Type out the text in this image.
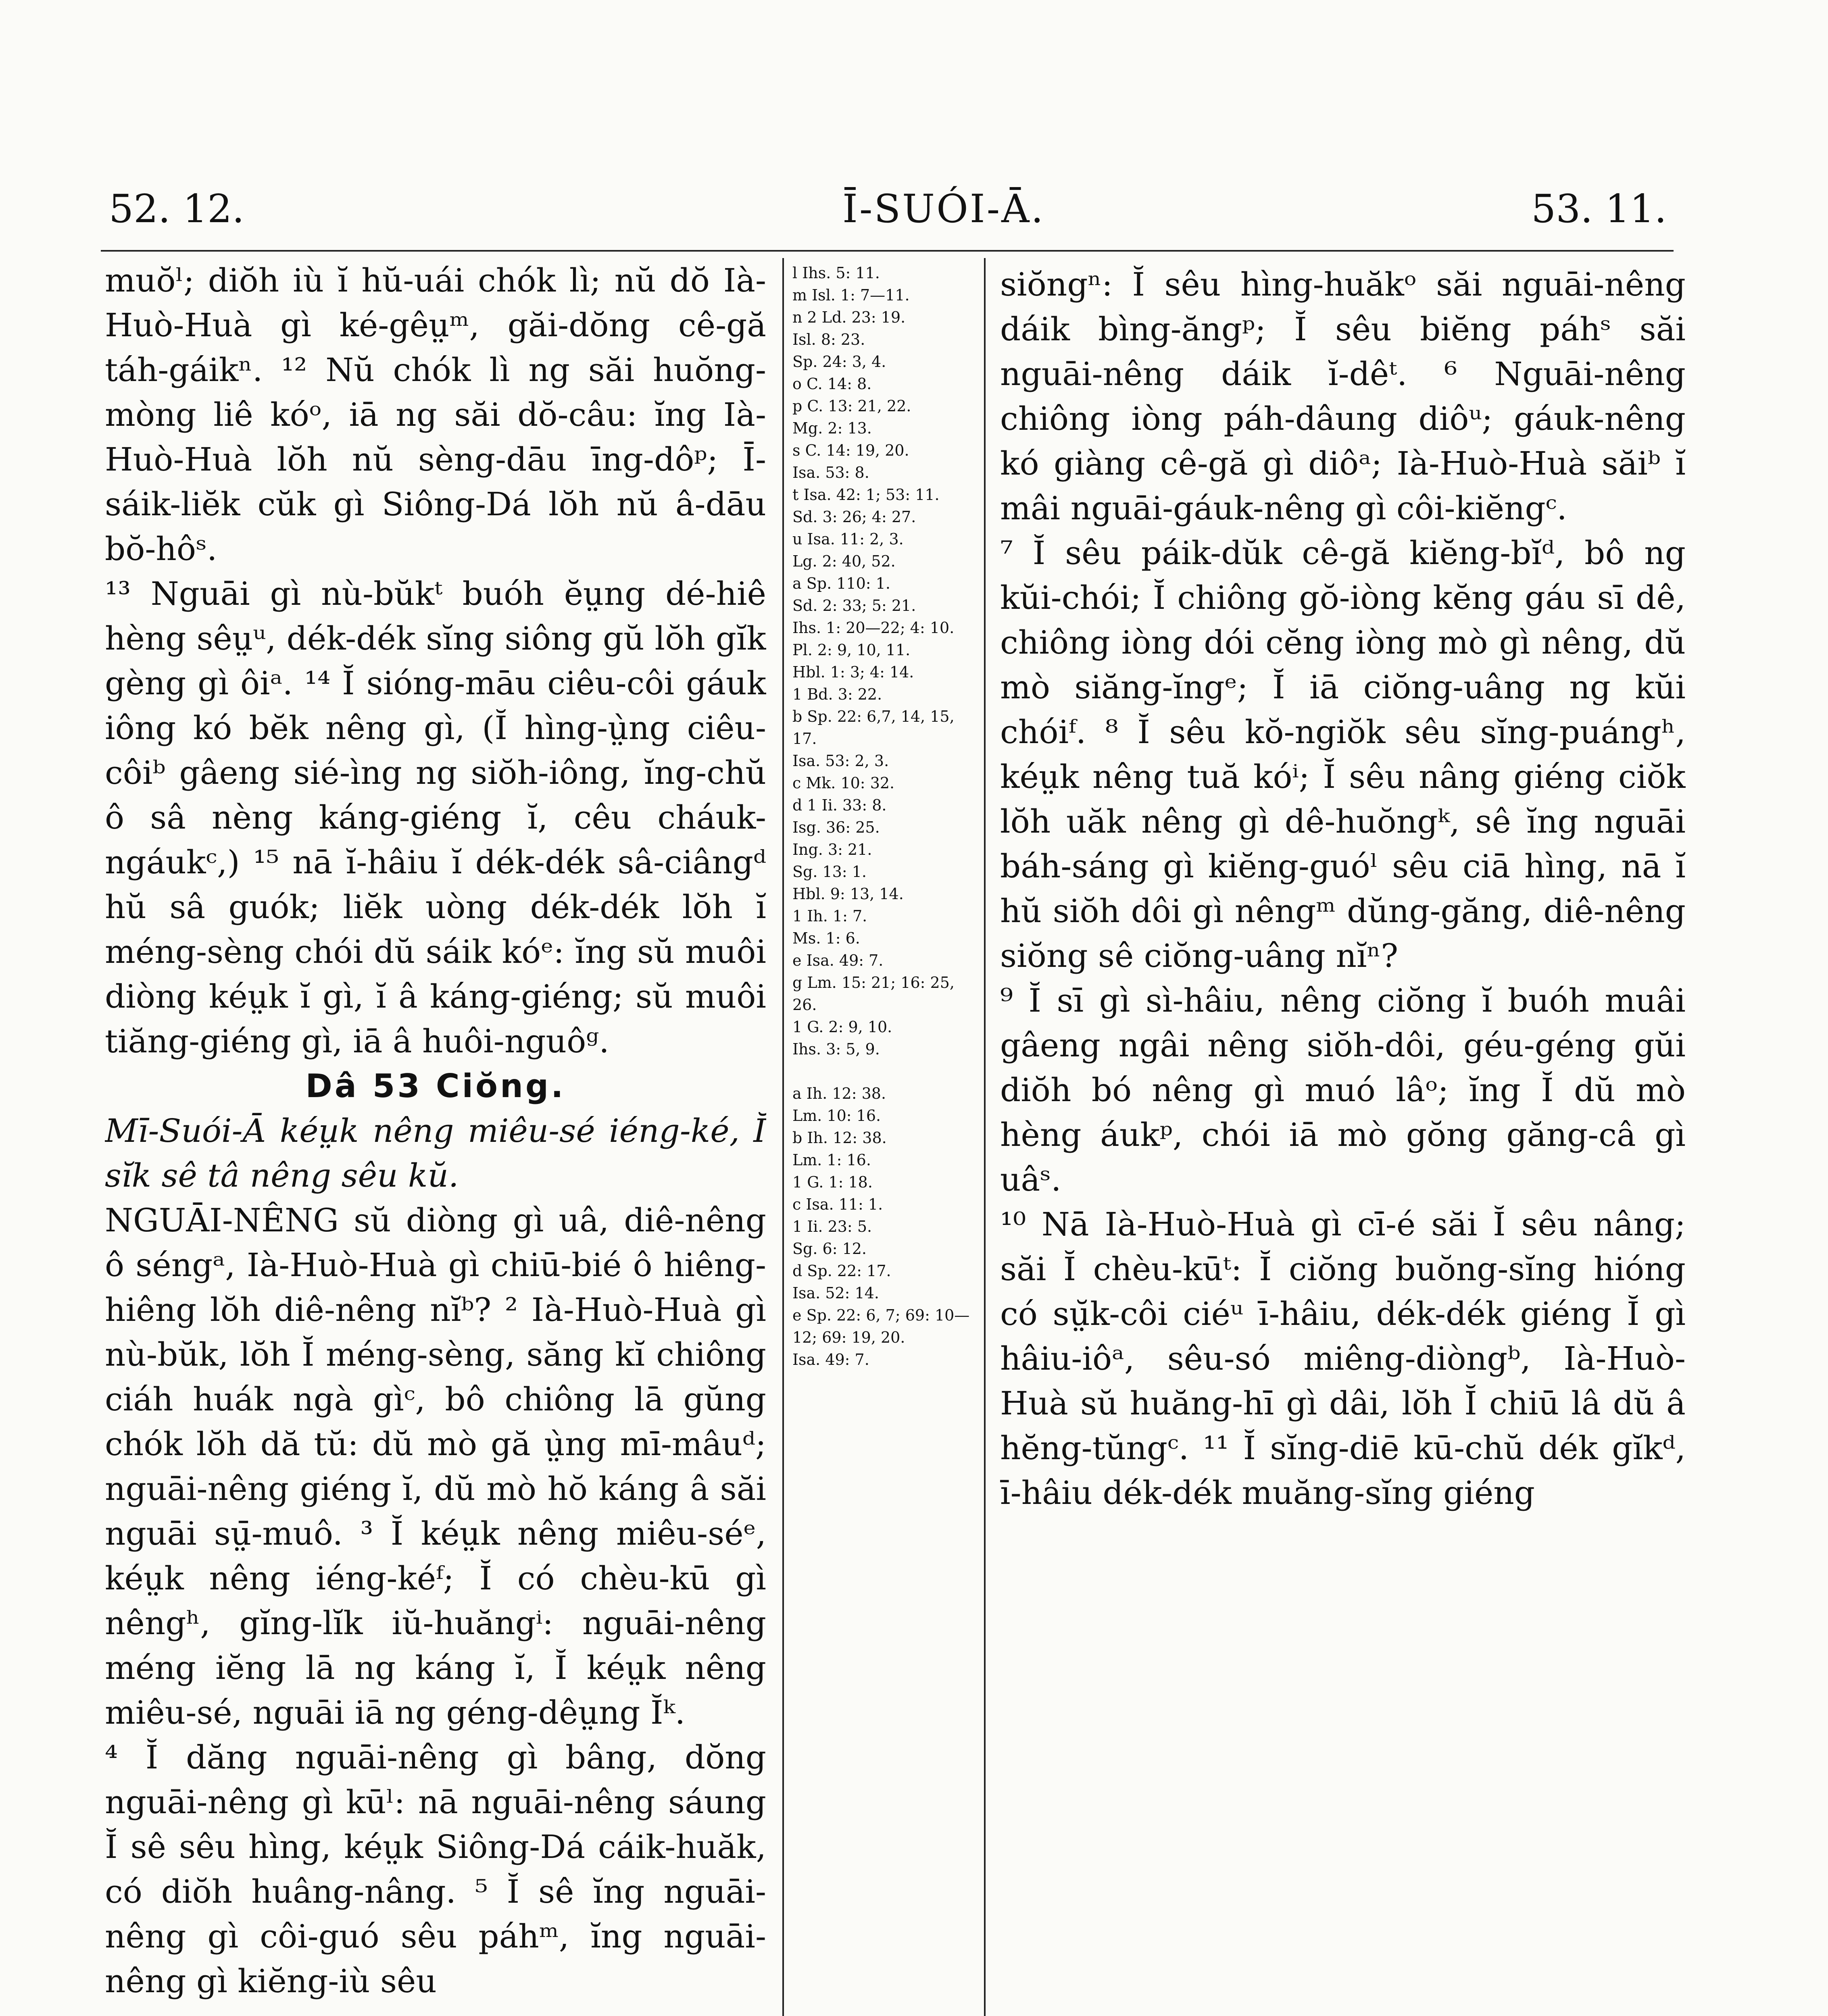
52. 12.	Ī-SUÓI-Ā.	53. 11.

muŏˡ; diŏh iù ĭ hŭ-uái chók lì; nŭ dŏ Ià-Huò-Huà gì ké-gêṳᵐ, găi-dŏng cê-gă táh-gáikⁿ. ¹² Nŭ chók lì ng săi huŏng-mòng liê kóᵒ, iā ng săi dŏ-câu: ĭng Ià-Huò-Huà lŏh nŭ sèng-dāu īng-dôᵖ; Ī-sáik-liĕk cŭk gì Siông-Dá lŏh nŭ â-dāu bŏ-hôˢ.

¹³ Nguāi gì nù-bŭkᵗ buóh ĕṳng dé-hiê hèng sêṳᵘ, dék-dék sĭng siông gŭ lŏh gĭk gèng gì ôiᵃ. ¹⁴ Ĭ sióng-māu ciêu-côi gáuk iông kó bĕk nêng gì, (Ĭ hìng-ṳ̀ng ciêu-côiᵇ gâeng sié-ìng ng siŏh-iông, ĭng-chŭ ô sâ nèng káng-giéng ĭ, cêu cháuk-ngáukᶜ,) ¹⁵ nā ĭ-hâiu ĭ dék-dék sâ-ciângᵈ hŭ sâ guók; liĕk uòng dék-dék lŏh ĭ méng-sèng chói dŭ sáik kóᵉ: ĭng sŭ muôi diòng kéṳk ĭ gì, ĭ â káng-giéng; sŭ muôi tiăng-giéng gì, iā â huôi-nguôᵍ.

Dâ 53 Ciŏng.

Mī-Suói-Ā kéṳk nêng miêu-sé iéng-ké, Ĭ sĭk sê tâ nêng sêu kŭ.

NGUĀI-NÊNG sŭ diòng gì uâ, diê-nêng ô séngᵃ, Ià-Huò-Huà gì chiū-bié ô hiêng-hiêng lŏh diê-nêng nĭᵇ? ² Ià-Huò-Huà gì nù-bŭk, lŏh Ĭ méng-sèng, săng kĭ chiông ciáh huák ngà gìᶜ, bô chiông lā gŭng chók lŏh dă tŭ: dŭ mò gă ṳ̀ng mī-mâuᵈ; nguāi-nêng giéng ĭ, dŭ mò hŏ káng â săi nguāi sṳ̄-muô. ³ Ĭ kéṳk nêng miêu-séᵉ, kéṳk nêng iéng-kéᶠ; Ĭ có chèu-kū gì nêngʰ, gĭng-lĭk iŭ-huăngⁱ: nguāi-nêng méng iĕng lā ng káng ĭ, Ĭ kéṳk nêng miêu-sé, nguāi iā ng géng-dêṳng Ĭᵏ.

⁴ Ĭ dăng nguāi-nêng gì bâng, dŏng nguāi-nêng gì kūˡ: nā nguāi-nêng sáung Ĭ sê sêu hìng, kéṳk Siông-Dá cáik-huăk, có diŏh huâng-nâng. ⁵ Ĭ sê ĭng nguāi-nêng gì côi-guó sêu páhᵐ, ĭng nguāi-nêng gì kiĕng-iù sêu

l Ihs. 5: 11.
m Isl. 1: 7—11.
n 2 Ld. 23: 19.
Isl. 8: 23.
Sp. 24: 3, 4.
o C. 14: 8.
p C. 13: 21, 22.
Mg. 2: 13.
s C. 14: 19, 20.
Isa. 53: 8.
t Isa. 42: 1; 53: 11.
Sd. 3: 26; 4: 27.
u Isa. 11: 2, 3.
Lg. 2: 40, 52.
a Sp. 110: 1.
Sd. 2: 33; 5: 21.
Ihs. 1: 20—22; 4: 10.
Pl. 2: 9, 10, 11.
Hbl. 1: 3; 4: 14.
1 Bd. 3: 22.
b Sp. 22: 6,7, 14, 15, 17.
Isa. 53: 2, 3.
c Mk. 10: 32.
d 1 Ii. 33: 8.
Isg. 36: 25.
Ing. 3: 21.
Sg. 13: 1.
Hbl. 9: 13, 14.
1 Ih. 1: 7.
Ms. 1: 6.
e Isa. 49: 7.
g Lm. 15: 21; 16: 25, 26.
1 G. 2: 9, 10.
Ihs. 3: 5, 9.

a Ih. 12: 38.
Lm. 10: 16.
b Ih. 12: 38.
Lm. 1: 16.
1 G. 1: 18.
c Isa. 11: 1.
1 Ii. 23: 5.
Sg. 6: 12.
d Sp. 22: 17.
Isa. 52: 14.
e Sp. 22: 6, 7; 69: 10—12; 69: 19, 20.
Isa. 49: 7.

siŏngⁿ: Ĭ sêu hìng-huăkᵒ săi nguāi-nêng dáik bìng-ăngᵖ; Ĭ sêu biĕng páhˢ săi nguāi-nêng dáik ĭ-dêᵗ. ⁶ Nguāi-nêng chiông iòng páh-dâung diôᵘ; gáuk-nêng kó giàng cê-gă gì diôᵃ; Ià-Huò-Huà săiᵇ ĭ mâi nguāi-gáuk-nêng gì côi-kiĕngᶜ.

⁷ Ĭ sêu páik-dŭk cê-gă kiĕng-bĭᵈ, bô ng kŭi-chói; Ĭ chiông gŏ-iòng kĕng gáu sī dê, chiông iòng dói cĕng iòng mò gì nêng, dŭ mò siăng-ĭngᵉ; Ĭ iā ciŏng-uâng ng kŭi chóiᶠ. ⁸ Ĭ sêu kŏ-ngiŏk sêu sĭng-puángʰ, kéṳk nêng tuă kóⁱ; Ĭ sêu nâng giéng ciŏk lŏh uăk nêng gì dê-huŏngᵏ, sê ĭng nguāi báh-sáng gì kiĕng-guóˡ sêu ciā hìng, nā ĭ hŭ siŏh dôi gì nêngᵐ dŭng-găng, diê-nêng siŏng sê ciŏng-uâng nĭⁿ?

⁹ Ĭ sī gì sì-hâiu, nêng ciŏng ĭ buóh muâi gâeng ngâi nêng siŏh-dôi, géu-géng gŭi diŏh bó nêng gì muó lâᵒ; ĭng Ĭ dŭ mò hèng áukᵖ, chói iā mò gŏng găng-câ gì uâˢ.

¹⁰ Nā Ià-Huò-Huà gì cī-é săi Ĭ sêu nâng; săi Ĭ chèu-kūᵗ: Ĭ ciŏng buŏng-sĭng hióng có sṳ̆k-côi ciéᵘ ī-hâiu, dék-dék giéng Ĭ gì hâiu-iôᵃ, sêu-só miêng-diòngᵇ, Ià-Huò-Huà sŭ huăng-hī gì dâi, lŏh Ĭ chiū lâ dŭ â hĕng-tŭngᶜ. ¹¹ Ĭ sĭng-diē kū-chŭ dék gĭkᵈ, ī-hâiu dék-dék muăng-sĭng giéng
